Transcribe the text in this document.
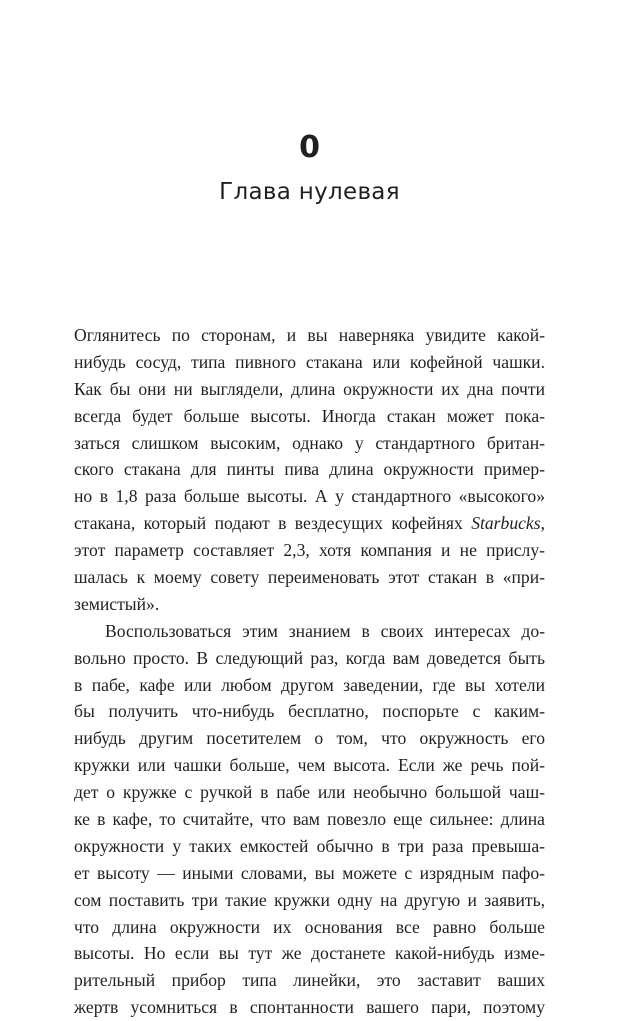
0
Глава нулевая
Оглянитесь по сторонам, и вы наверняка увидите какой-
нибудь сосуд, типа пивного стакана или кофейной чашки.
Как бы они ни выглядели, длина окружности их дна почти
всегда будет больше высоты. Иногда стакан может пока-
заться слишком высоким, однако у стандартного британ-
ского стакана для пинты пива длина окружности пример-
но в 1,8 раза больше высоты. А у стандартного «высокого»
стакана, который подают в вездесущих кофейнях Starbucks,
этот параметр составляет 2,3, хотя компания и не прислу-
шалась к моему совету переименовать этот стакан в «при-
земистый».
Воспользоваться этим знанием в своих интересах до-
вольно просто. В следующий раз, когда вам доведется быть
в пабе, кафе или любом другом заведении, где вы хотели
бы получить что-нибудь бесплатно, поспорьте с каким-
нибудь другим посетителем о том, что окружность его
кружки или чашки больше, чем высота. Если же речь пой-
дет о кружке с ручкой в пабе или необычно большой чаш-
ке в кафе, то считайте, что вам повезло еще сильнее: длина
окружности у таких емкостей обычно в три раза превыша-
ет высоту — иными словами, вы можете с изрядным пафо-
сом поставить три такие кружки одну на другую и заявить,
что длина окружности их основания все равно больше
высоты. Но если вы тут же достанете какой-нибудь изме-
рительный прибор типа линейки, это заставит ваших
жертв усомниться в спонтанности вашего пари, поэтому
